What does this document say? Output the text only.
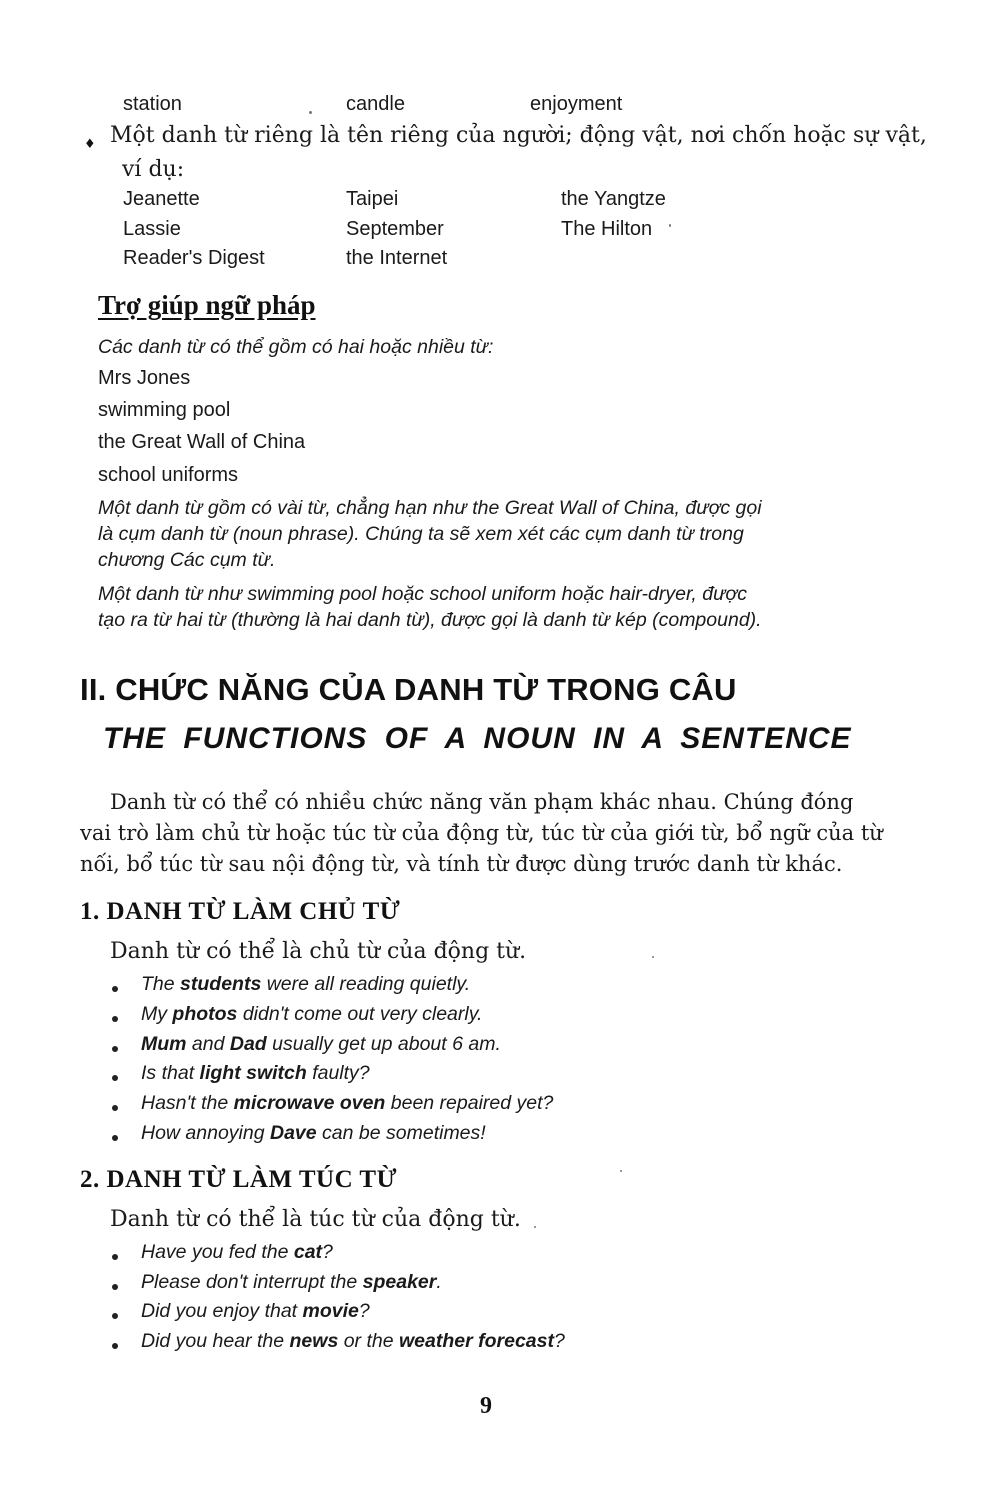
station	candle	enjoyment
♦ Một danh từ riêng là tên riêng của người; động vật, nơi chốn hoặc sự vật,
ví dụ:
Jeanette	Taipei	the Yangtze
Lassie	September	The Hilton
Reader's Digest	the Internet
Trợ giúp ngữ pháp
Các danh từ có thể gồm có hai hoặc nhiều từ:
Mrs Jones
swimming pool
the Great Wall of China
school uniforms
Một danh từ gồm có vài từ, chẳng hạn như the Great Wall of China, được gọi
là cụm danh từ (noun phrase). Chúng ta sẽ xem xét các cụm danh từ trong
chương Các cụm từ.
Một danh từ như swimming pool hoặc school uniform hoặc hair-dryer, được
tạo ra từ hai từ (thường là hai danh từ), được gọi là danh từ kép (compound).
II. CHỨC NĂNG CỦA DANH TỪ TRONG CÂU
THE FUNCTIONS OF A NOUN IN A SENTENCE
Danh từ có thể có nhiều chức năng văn phạm khác nhau. Chúng đóng
vai trò làm chủ từ hoặc túc từ của động từ, túc từ của giới từ, bổ ngữ của từ
nối, bổ túc từ sau nội động từ, và tính từ được dùng trước danh từ khác.
1. DANH TỪ LÀM CHỦ TỪ
Danh từ có thể là chủ từ của động từ.
The students were all reading quietly.
My photos didn't come out very clearly.
Mum and Dad usually get up about 6 am.
Is that light switch faulty?
Hasn't the microwave oven been repaired yet?
How annoying Dave can be sometimes!
2. DANH TỪ LÀM TÚC TỪ
Danh từ có thể là túc từ của động từ.
Have you fed the cat?
Please don't interrupt the speaker.
Did you enjoy that movie?
Did you hear the news or the weather forecast?
9
